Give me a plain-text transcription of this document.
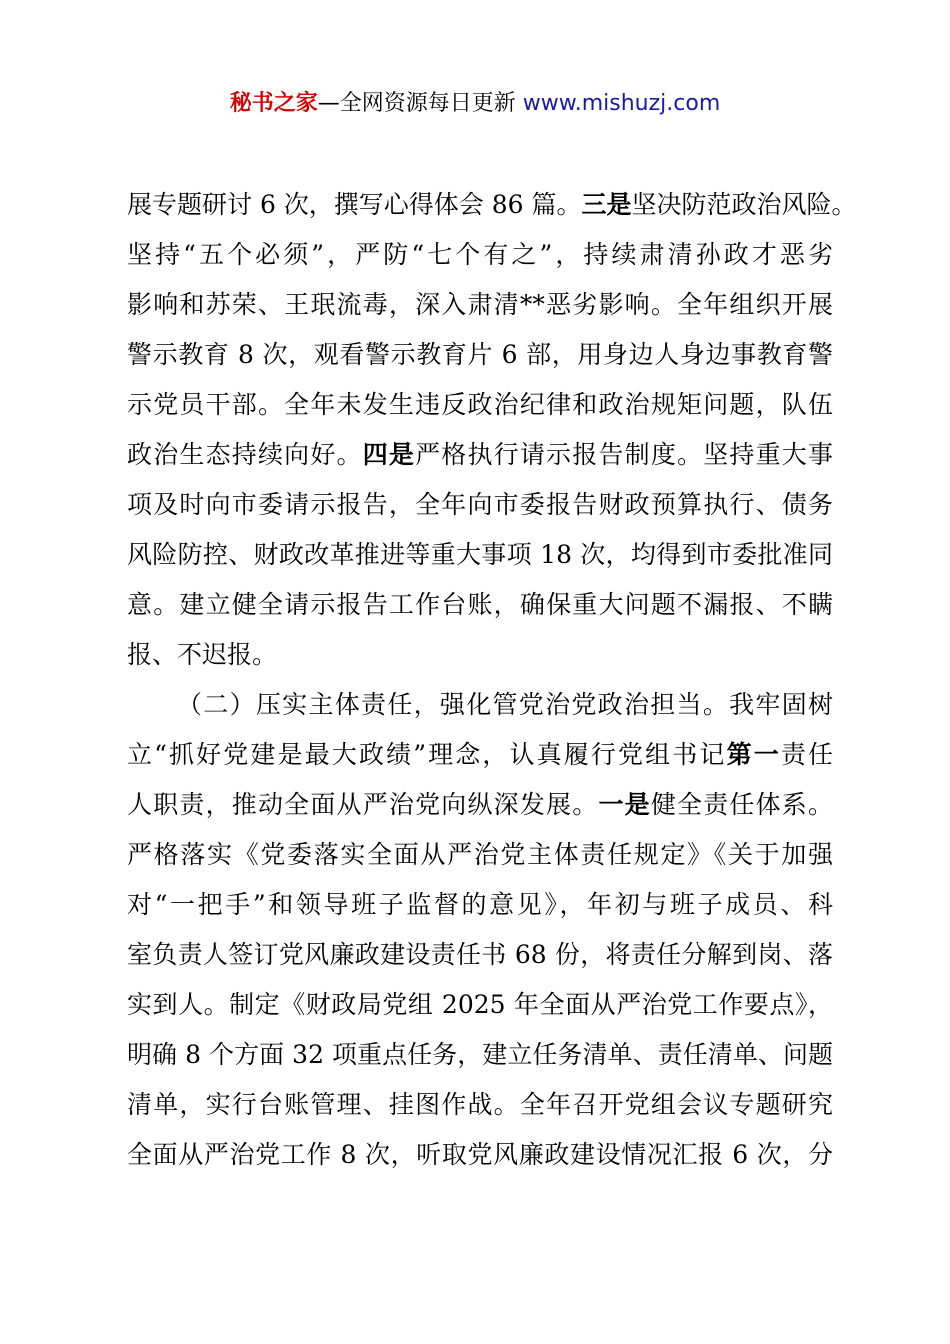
秘书之家—全网资源每日更新 www.mishuzj.com
展专题研讨 6 次，撰写心得体会 86 篇。三是坚决防范政治风险。
坚持“五个必须”，严防“七个有之”，持续肃清孙政才恶劣
影响和苏荣、王珉流毒，深入肃清**恶劣影响。全年组织开展
警示教育 8 次，观看警示教育片 6 部，用身边人身边事教育警
示党员干部。全年未发生违反政治纪律和政治规矩问题，队伍
政治生态持续向好。四是严格执行请示报告制度。坚持重大事
项及时向市委请示报告，全年向市委报告财政预算执行、债务
风险防控、财政改革推进等重大事项 18 次，均得到市委批准同
意。建立健全请示报告工作台账，确保重大问题不漏报、不瞒
报、不迟报。
（二）压实主体责任，强化管党治党政治担当。我牢固树
立“抓好党建是最大政绩”理念，认真履行党组书记第一责任
人职责，推动全面从严治党向纵深发展。一是健全责任体系。
严格落实《党委落实全面从严治党主体责任规定》《关于加强
对“一把手”和领导班子监督的意见》，年初与班子成员、科
室负责人签订党风廉政建设责任书 68 份，将责任分解到岗、落
实到人。制定《财政局党组 2025 年全面从严治党工作要点》，
明确 8 个方面 32 项重点任务，建立任务清单、责任清单、问题
清单，实行台账管理、挂图作战。全年召开党组会议专题研究
全面从严治党工作 8 次，听取党风廉政建设情况汇报 6 次，分
